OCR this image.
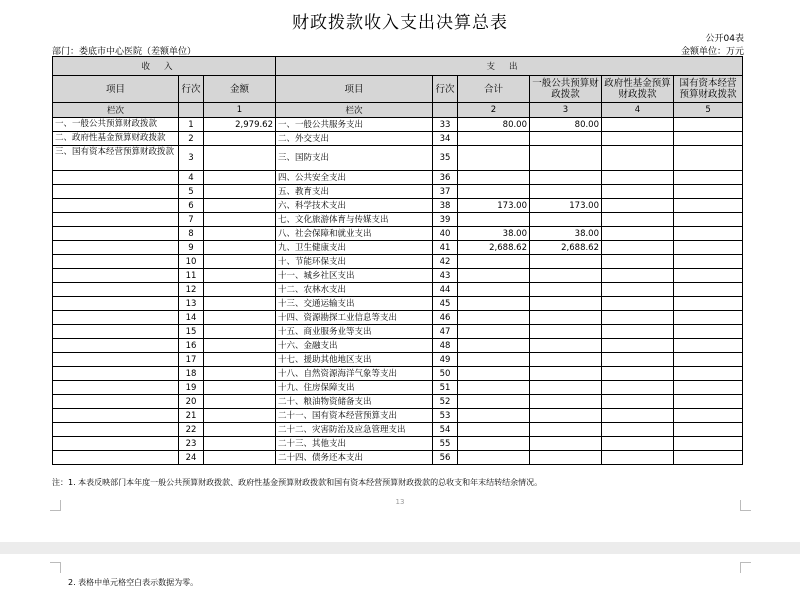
财政拨款收入支出决算总表
公开04表
部门：娄底市中心医院（差额单位）	金额单位：万元
收入			支出					
项目	行次	金额	项目	行次	合计	一般公共预算财政拨款	政府性基金预算财政拨款	国有资本经营预算财政拨款
栏次		1	栏次		2	3	4	5
一、一般公共预算财政拨款	1	2,979.62	一、一般公共服务支出	33	80.00	80.00		
二、政府性基金预算财政拨款	2		二、外交支出	34				
三、国有资本经营预算财政拨款	3		三、国防支出	35				
	4		四、公共安全支出	36				
	5		五、教育支出	37				
	6		六、科学技术支出	38	173.00	173.00		
	7		七、文化旅游体育与传媒支出	39				
	8		八、社会保障和就业支出	40	38.00	38.00		
	9		九、卫生健康支出	41	2,688.62	2,688.62		
	10		十、节能环保支出	42				
	11		十一、城乡社区支出	43				
	12		十二、农林水支出	44				
	13		十三、交通运输支出	45				
	14		十四、资源勘探工业信息等支出	46				
	15		十五、商业服务业等支出	47				
	16		十六、金融支出	48				
	17		十七、援助其他地区支出	49				
	18		十八、自然资源海洋气象等支出	50				
	19		十九、住房保障支出	51				
	20		二十、粮油物资储备支出	52				
	21		二十一、国有资本经营预算支出	53				
	22		二十二、灾害防治及应急管理支出	54				
	23		二十三、其他支出	55				
	24		二十四、债务还本支出	56				
注：1. 本表反映部门本年度一般公共预算财政拨款、政府性基金预算财政拨款和国有资本经营预算财政拨款的总收支和年末结转结余情况。
13
2. 表格中单元格空白表示数据为零。
